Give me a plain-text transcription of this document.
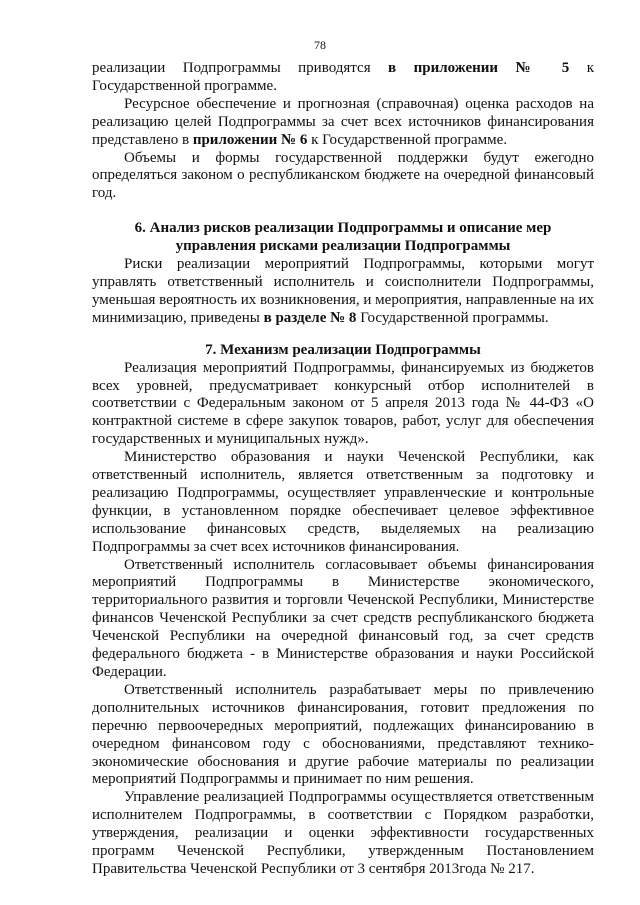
78

реализации Подпрограммы приводятся в приложении № 5 к Государственной программе.

Ресурсное обеспечение и прогнозная (справочная) оценка расходов на реализацию целей Подпрограммы за счет всех источников финансирования представлено в приложении № 6 к Государственной программе.

Объемы и формы государственной поддержки будут ежегодно определяться законом о республиканском бюджете на очередной финансовый год.

6. Анализ рисков реализации Подпрограммы и описание мер
управления рисками реализации Подпрограммы

Риски реализации мероприятий Подпрограммы, которыми могут управлять ответственный исполнитель и соисполнители Подпрограммы, уменьшая вероятность их возникновения, и мероприятия, направленные на их минимизацию, приведены в разделе № 8 Государственной программы.

7. Механизм реализации Подпрограммы

Реализация мероприятий Подпрограммы, финансируемых из бюджетов всех уровней, предусматривает конкурсный отбор исполнителей в соответствии с Федеральным законом от 5 апреля 2013 года № 44-ФЗ «О контрактной системе в сфере закупок товаров, работ, услуг для обеспечения государственных и муниципальных нужд».

Министерство образования и науки Чеченской Республики, как ответственный исполнитель, является ответственным за подготовку и реализацию Подпрограммы, осуществляет управленческие и контрольные функции, в установленном порядке обеспечивает целевое эффективное использование финансовых средств, выделяемых на реализацию Подпрограммы за счет всех источников финансирования.

Ответственный исполнитель согласовывает объемы финансирования мероприятий Подпрограммы в Министерстве экономического, территориального развития и торговли Чеченской Республики, Министерстве финансов Чеченской Республики за счет средств республиканского бюджета Чеченской Республики на очередной финансовый год, за счет средств федерального бюджета - в Министерстве образования и науки Российской Федерации.

Ответственный исполнитель разрабатывает меры по привлечению дополнительных источников финансирования, готовит предложения по перечню первоочередных мероприятий, подлежащих финансированию в очередном финансовом году с обоснованиями, представляют технико-экономические обоснования и другие рабочие материалы по реализации мероприятий Подпрограммы и принимает по ним решения.

Управление реализацией Подпрограммы осуществляется ответственным исполнителем Подпрограммы, в соответствии с Порядком разработки, утверждения, реализации и оценки эффективности государственных программ Чеченской Республики, утвержденным Постановлением Правительства Чеченской Республики от 3 сентября 2013года № 217.
